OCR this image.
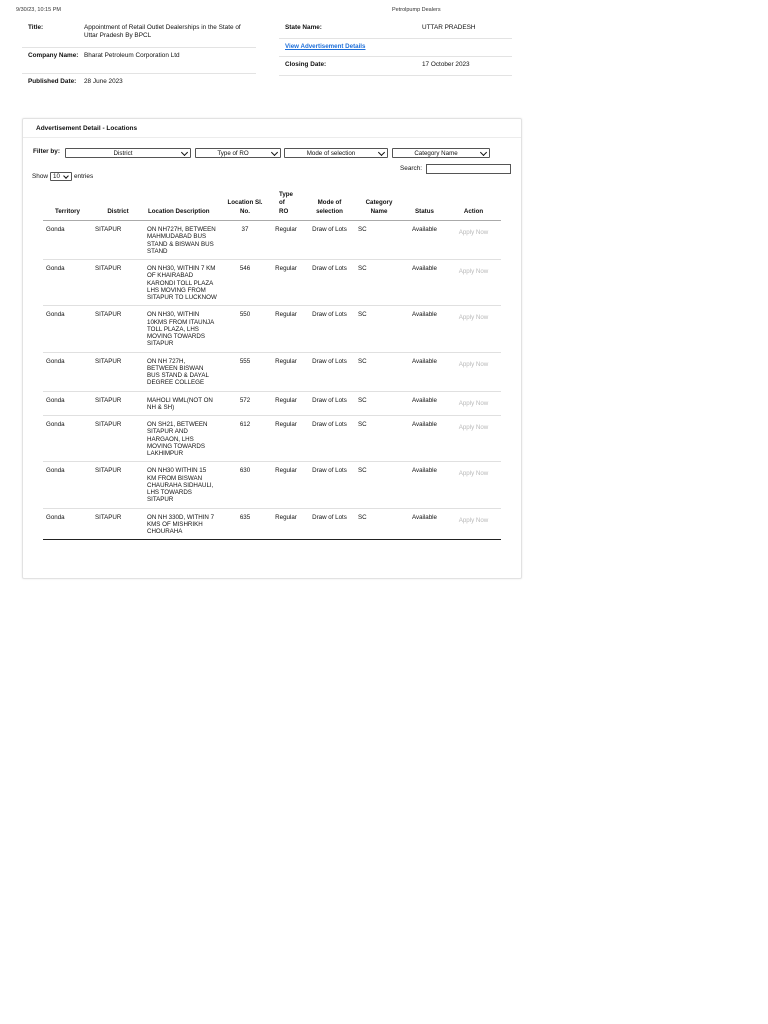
9/30/23, 10:15 PM	Petrolpump Dealers
Title:	Appointment of Retail Outlet Dealerships in the State of Uttar Pradesh By BPCL
Company Name: Bharat Petroleum Corporation Ltd
Published Date:	28 June 2023
State Name:	UTTAR PRADESH
View Advertisement Details
Closing Date:	17 October 2023
Advertisement Detail - Locations
Filter by:	District	Type of RO	Mode of selection	Category Name
Search:
Show 10 entries
Territory	District	Location Description	Location Sl. No.	Type of RO	Mode of selection	Category Name	Status	Action
Gonda	SITAPUR	ON NH727H, BETWEEN MAHMUDABAD BUS STAND & BISWAN BUS STAND	37	Regular	Draw of Lots	SC	Available	Apply Now
Gonda	SITAPUR	ON NH30, WITHIN 7 KM OF KHAIRABAD KARONDI TOLL PLAZA LHS MOVING FROM SITAPUR TO LUCKNOW	546	Regular	Draw of Lots	SC	Available	Apply Now
Gonda	SITAPUR	ON NH30, WITHIN 10KMS FROM ITAUNJA TOLL PLAZA, LHS MOVING TOWARDS SITAPUR	550	Regular	Draw of Lots	SC	Available	Apply Now
Gonda	SITAPUR	ON NH 727H, BETWEEN BISWAN BUS STAND & DAYAL DEGREE COLLEGE	555	Regular	Draw of Lots	SC	Available	Apply Now
Gonda	SITAPUR	MAHOLI WML(NOT ON NH & SH)	572	Regular	Draw of Lots	SC	Available	Apply Now
Gonda	SITAPUR	ON SH21, BETWEEN SITAPUR AND HARGAON, LHS MOVING TOWARDS LAKHIMPUR	612	Regular	Draw of Lots	SC	Available	Apply Now
Gonda	SITAPUR	ON NH30 WITHIN 15 KM FROM BISWAN CHAURAHA SIDHAULI, LHS TOWARDS SITAPUR	630	Regular	Draw of Lots	SC	Available	Apply Now
Gonda	SITAPUR	ON NH 330D, WITHIN 7 KMS OF MISHRIKH CHOURAHA	635	Regular	Draw of Lots	SC	Available	Apply Now
